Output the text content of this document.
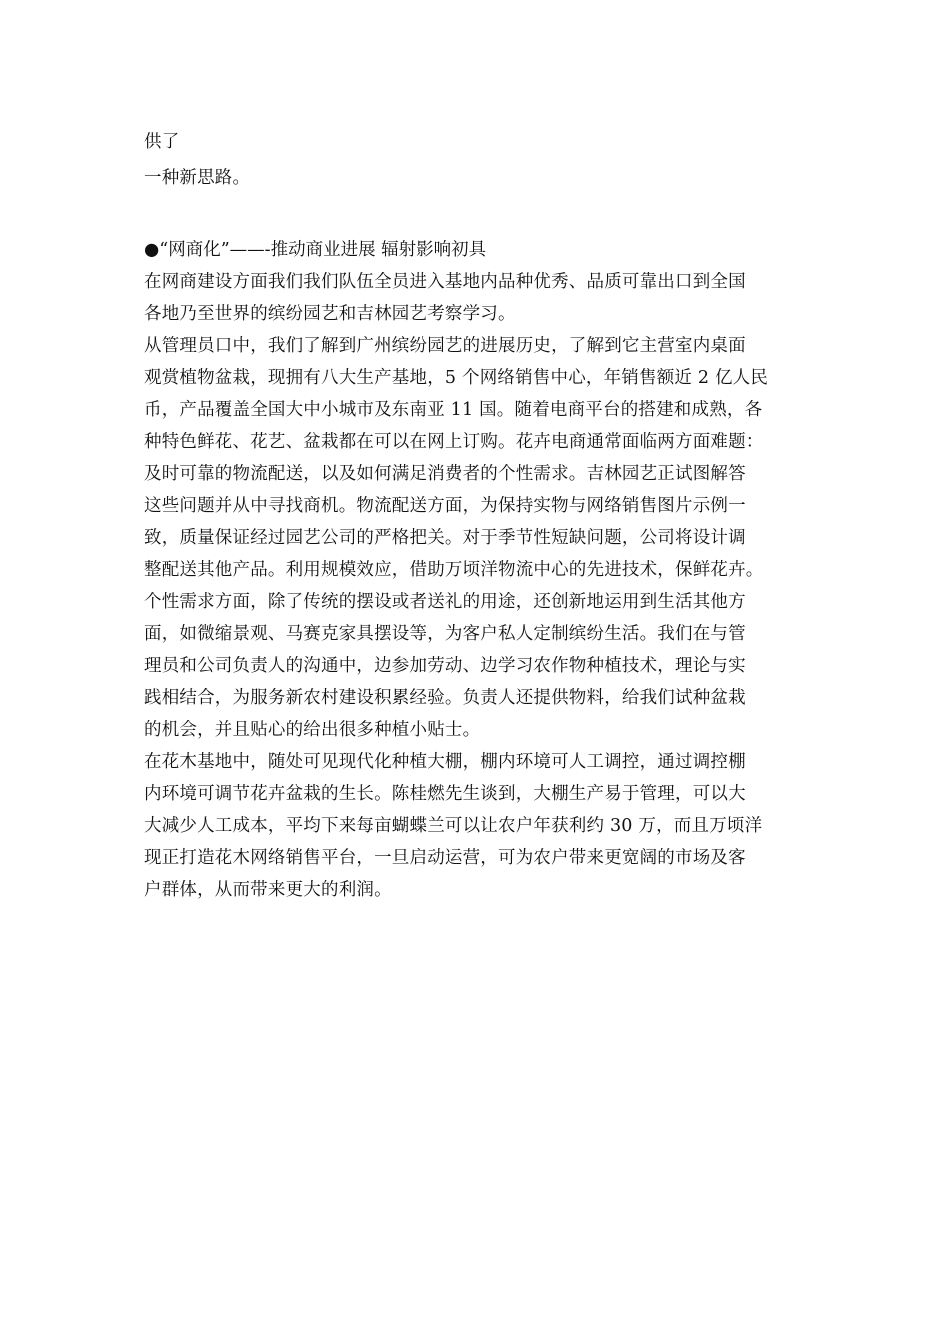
供了
一种新思路。
●“网商化”——-推动商业进展 辐射影响初具
在网商建设方面我们我们队伍全员进入基地内品种优秀、品质可靠出口到全国
各地乃至世界的缤纷园艺和吉林园艺考察学习。
从管理员口中，我们了解到广州缤纷园艺的进展历史，了解到它主营室内桌面
观赏植物盆栽，现拥有八大生产基地，5 个网络销售中心，年销售额近 2 亿人民
币，产品覆盖全国大中小城市及东南亚 11 国。随着电商平台的搭建和成熟，各
种特色鲜花、花艺、盆栽都在可以在网上订购。花卉电商通常面临两方面难题：
及时可靠的物流配送，以及如何满足消费者的个性需求。吉林园艺正试图解答
这些问题并从中寻找商机。物流配送方面，为保持实物与网络销售图片示例一
致，质量保证经过园艺公司的严格把关。对于季节性短缺问题，公司将设计调
整配送其他产品。利用规模效应，借助万顷洋物流中心的先进技术，保鲜花卉。
个性需求方面，除了传统的摆设或者送礼的用途，还创新地运用到生活其他方
面，如微缩景观、马赛克家具摆设等，为客户私人定制缤纷生活。我们在与管
理员和公司负责人的沟通中，边参加劳动、边学习农作物种植技术，理论与实
践相结合，为服务新农村建设积累经验。负责人还提供物料，给我们试种盆栽
的机会，并且贴心的给出很多种植小贴士。
在花木基地中，随处可见现代化种植大棚，棚内环境可人工调控，通过调控棚
内环境可调节花卉盆栽的生长。陈桂燃先生谈到，大棚生产易于管理，可以大
大减少人工成本，平均下来每亩蝴蝶兰可以让农户年获利约 30 万，而且万顷洋
现正打造花木网络销售平台，一旦启动运营，可为农户带来更宽阔的市场及客
户群体，从而带来更大的利润。
